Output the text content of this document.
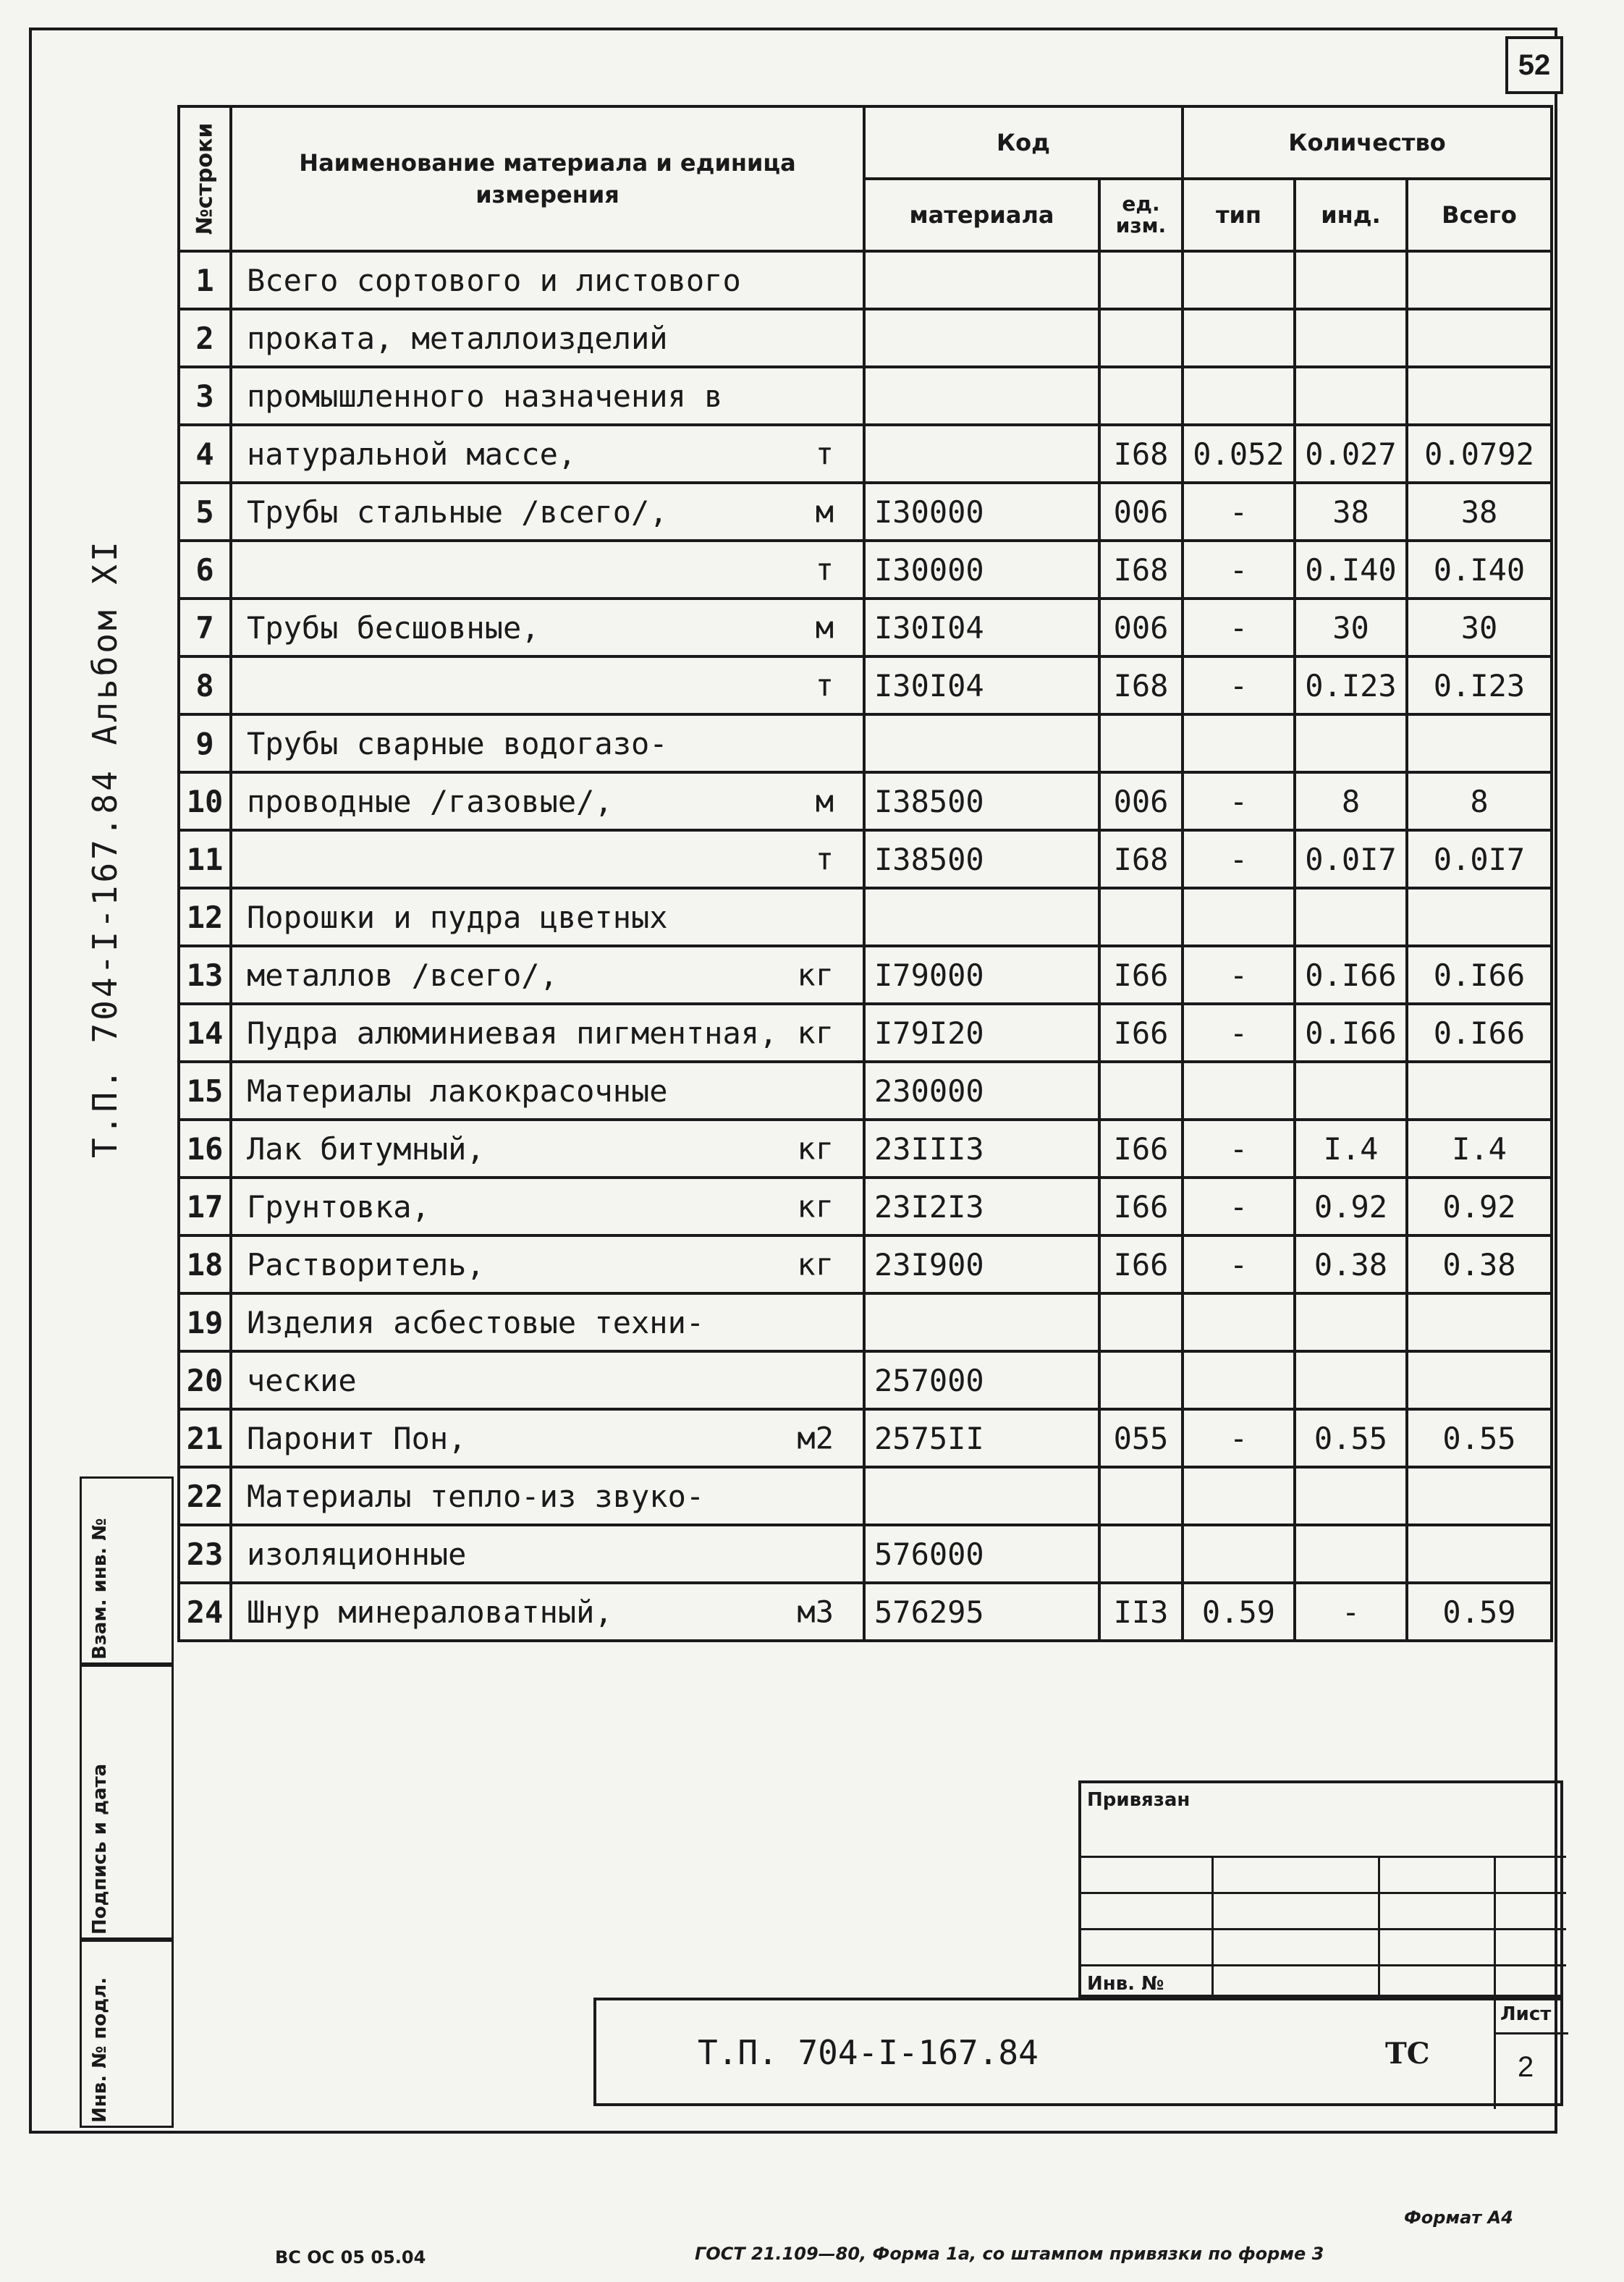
52
Т.П. 704-I-167.84 Альбом XI
Взам. инв. №
Подпись и дата
Инв. № подл.
№строки	Наименование материала и единица измерения	Код		Количество		
		материала	ед. изм.	тип	инд.	Всего
1	Всего сортового и листового

2	проката, металлоизделий

3	промышленного назначения в

4	натуральной массе, т		I68	0.052	0.027	0.0792
5	Трубы стальные /всего/, м	I30000	006	-	38	38
6	т	I30000	I68	-	0.I40	0.I40
7	Трубы бесшовные, м	I30I04	006	-	30	30
8	т	I30I04	I68	-	0.I23	0.I23
9	Трубы сварные водогазо-

10	проводные /газовые/, м	I38500	006	-	8	8
11	т	I38500	I68	-	0.0I7	0.0I7
12	Порошки и пудра цветных

13	металлов /всего/, кг	I79000	I66	-	0.I66	0.I66
14	Пудра алюминиевая пигментная, кг	I79I20	I66	-	0.I66	0.I66
15	Материалы лакокрасочные	230000				
16	Лак битумный, кг	23III3	I66	-	I.4	I.4
17	Грунтовка, кг	23I2I3	I66	-	0.92	0.92
18	Растворитель, кг	23I900	I66	-	0.38	0.38
19	Изделия асбестовые техни-

20	ческие	257000				
21	Паронит Пон, м2	2575II	055	-	0.55	0.55
22	Материалы тепло-из звуко-

23	изоляционные	576000				
24	Шнур минераловатный, м3	576295	II3	0.59	-	0.59
Привязан
Инв. №
Т.П. 704-I-167.84	ТС
Лист
2
Формат А4
ВС ОС 05 05.04	ГОСТ 21.109—80, Форма 1а, со штампом привязки по форме 3
